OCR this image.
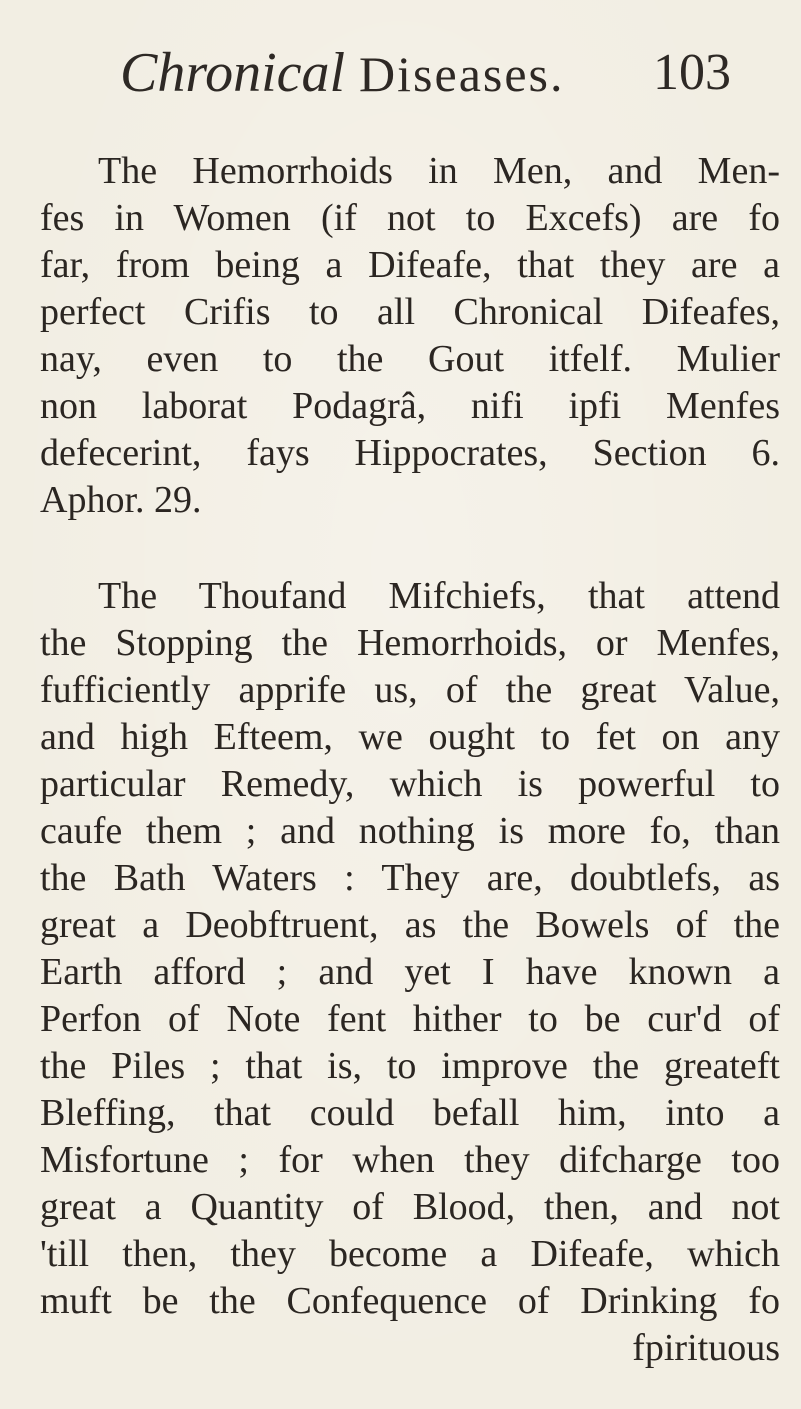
Chronical Diseases. 103
The Hemorrhoids in Men, and Men-
fes in Women (if not to Excefs) are fo
far, from being a Difeafe, that they are a
perfect Crifis to all Chronical Difeafes,
nay, even to the Gout itfelf. Mulier
non laborat Podagrâ, nifi ipfi Menfes
defecerint, fays Hippocrates, Section 6.
Aphor. 29.
The Thoufand Mifchiefs, that attend
the Stopping the Hemorrhoids, or Menfes,
fufficiently apprife us, of the great Value,
and high Efteem, we ought to fet on any
particular Remedy, which is powerful to
caufe them ; and nothing is more fo, than
the Bath Waters : They are, doubtlefs, as
great a Deobftruent, as the Bowels of the
Earth afford ; and yet I have known a
Perfon of Note fent hither to be cur'd of
the Piles ; that is, to improve the greateft
Bleffing, that could befall him, into a
Misfortune ; for when they difcharge too
great a Quantity of Blood, then, and not
'till then, they become a Difeafe, which
muft be the Confequence of Drinking fo
fpirituous
